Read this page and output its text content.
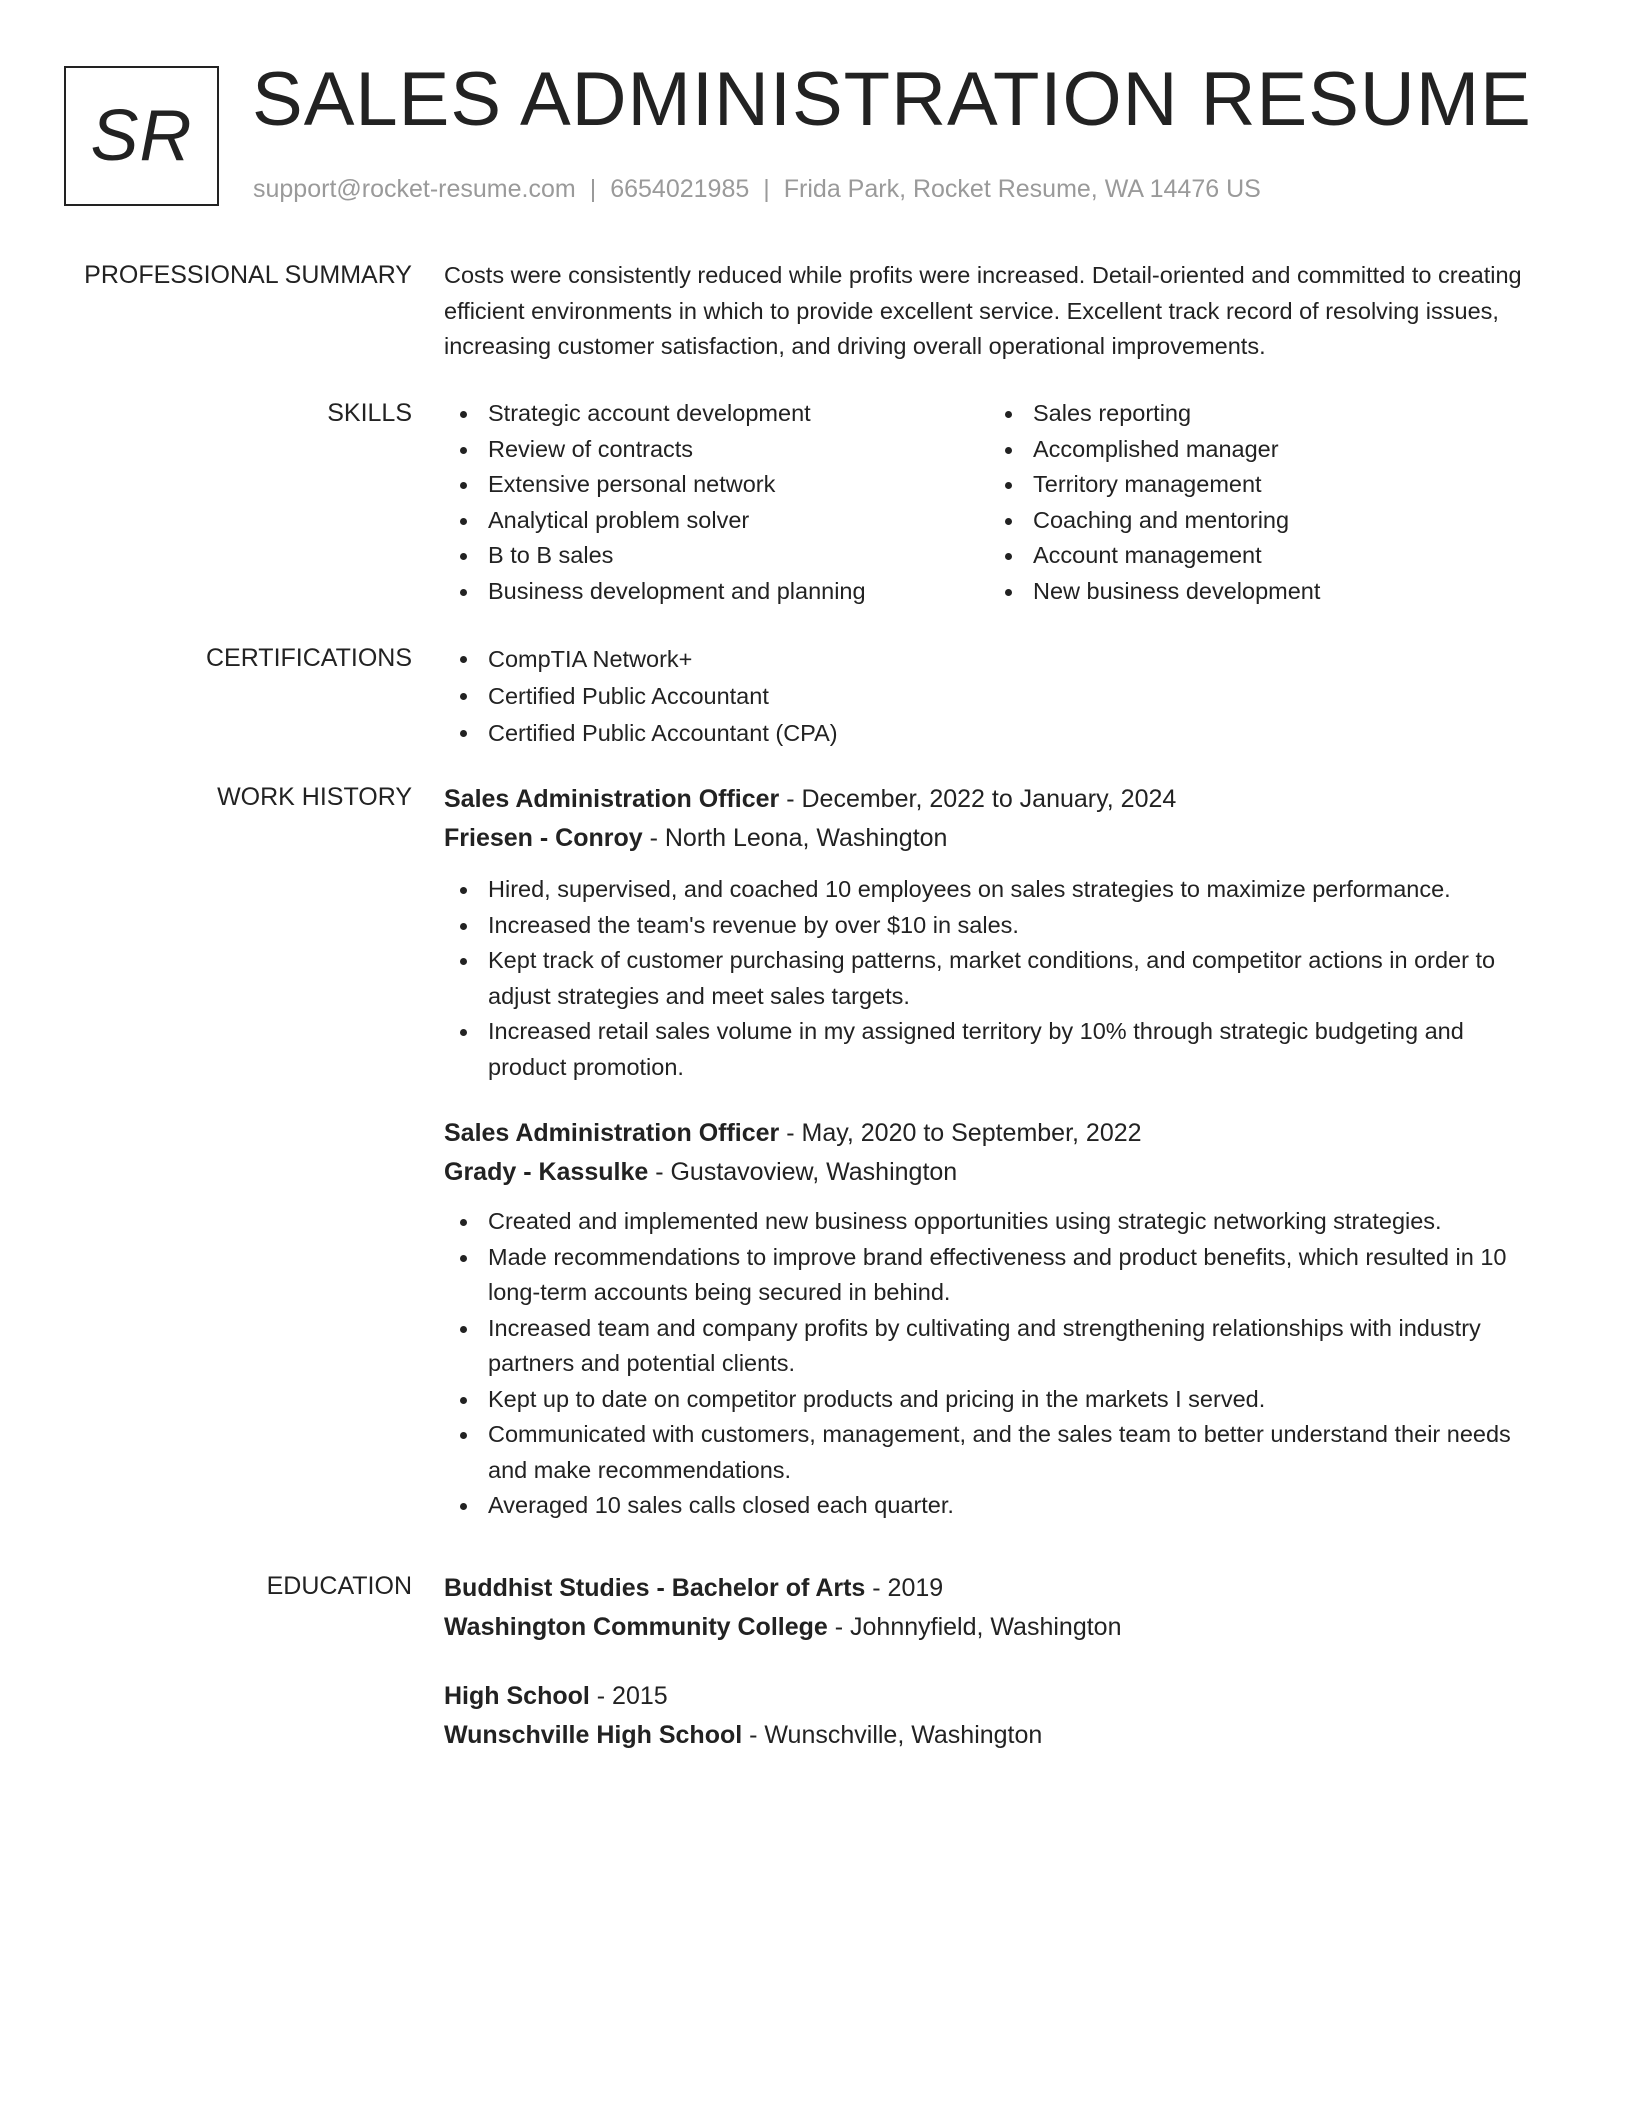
SR SALES ADMINISTRATION RESUME
support@rocket-resume.com | 6654021985 | Frida Park, Rocket Resume, WA 14476 US
PROFESSIONAL SUMMARY Costs were consistently reduced while profits were increased. Detail-oriented and committed to creating efficient environments in which to provide excellent service. Excellent track record of resolving issues, increasing customer satisfaction, and driving overall operational improvements.
SKILLS	Strategic account development
Review of contracts
Extensive personal network
Analytical problem solver
B to B sales
Business development and planning
Sales reporting
Accomplished manager
Territory management
Coaching and mentoring
Account management
New business development
CERTIFICATIONS	CompTIA Network+
Certified Public Accountant
Certified Public Accountant (CPA)
WORK HISTORY Sales Administration Officer - December, 2022 to January, 2024
Friesen - Conroy - North Leona, Washington
Hired, supervised, and coached 10 employees on sales strategies to maximize performance.
Increased the team's revenue by over $10 in sales.
Kept track of customer purchasing patterns, market conditions, and competitor actions in order to adjust strategies and meet sales targets.
Increased retail sales volume in my assigned territory by 10% through strategic budgeting and product promotion.
Sales Administration Officer - May, 2020 to September, 2022
Grady - Kassulke - Gustavoview, Washington
Created and implemented new business opportunities using strategic networking strategies.
Made recommendations to improve brand effectiveness and product benefits, which resulted in 10 long-term accounts being secured in behind.
Increased team and company profits by cultivating and strengthening relationships with industry partners and potential clients.
Kept up to date on competitor products and pricing in the markets I served.
Communicated with customers, management, and the sales team to better understand their needs and make recommendations.
Averaged 10 sales calls closed each quarter.
EDUCATION Buddhist Studies - Bachelor of Arts - 2019
Washington Community College - Johnnyfield, Washington
High School - 2015
Wunschville High School - Wunschville, Washington
